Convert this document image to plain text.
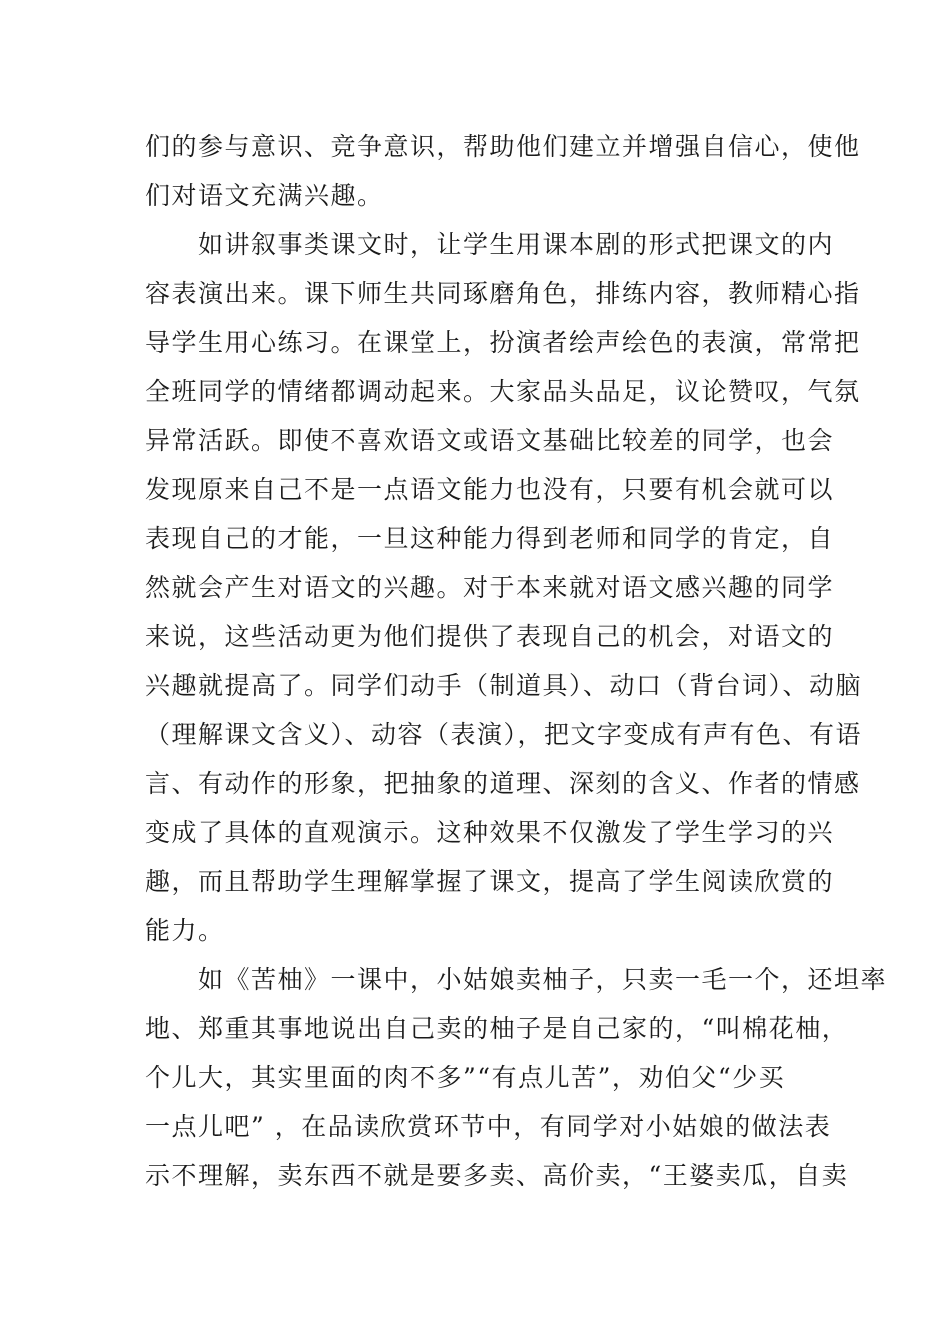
们的参与意识、竞争意识，帮助他们建立并增强自信心，使他
们对语文充满兴趣。
　　如讲叙事类课文时，让学生用课本剧的形式把课文的内
容表演出来。课下师生共同琢磨角色，排练内容，教师精心指
导学生用心练习。在课堂上，扮演者绘声绘色的表演，常常把
全班同学的情绪都调动起来。大家品头品足，议论赞叹，气氛
异常活跃。即使不喜欢语文或语文基础比较差的同学，也会
发现原来自己不是一点语文能力也没有，只要有机会就可以
表现自己的才能，一旦这种能力得到老师和同学的肯定，自
然就会产生对语文的兴趣。对于本来就对语文感兴趣的同学
来说，这些活动更为他们提供了表现自己的机会，对语文的
兴趣就提高了。同学们动手（制道具）、动口（背台词）、动脑
（理解课文含义）、动容（表演），把文字变成有声有色、有语
言、有动作的形象，把抽象的道理、深刻的含义、作者的情感
变成了具体的直观演示。这种效果不仅激发了学生学习的兴
趣，而且帮助学生理解掌握了课文，提高了学生阅读欣赏的
能力。
　　如《苦柚》一课中，小姑娘卖柚子，只卖一毛一个，还坦率
地、郑重其事地说出自己卖的柚子是自己家的，“叫棉花柚，
个儿大，其实里面的肉不多”“有点儿苦”，劝伯父“少买
一点儿吧” ，在品读欣赏环节中，有同学对小姑娘的做法表
示不理解，卖东西不就是要多卖、高价卖，“王婆卖瓜，自卖
